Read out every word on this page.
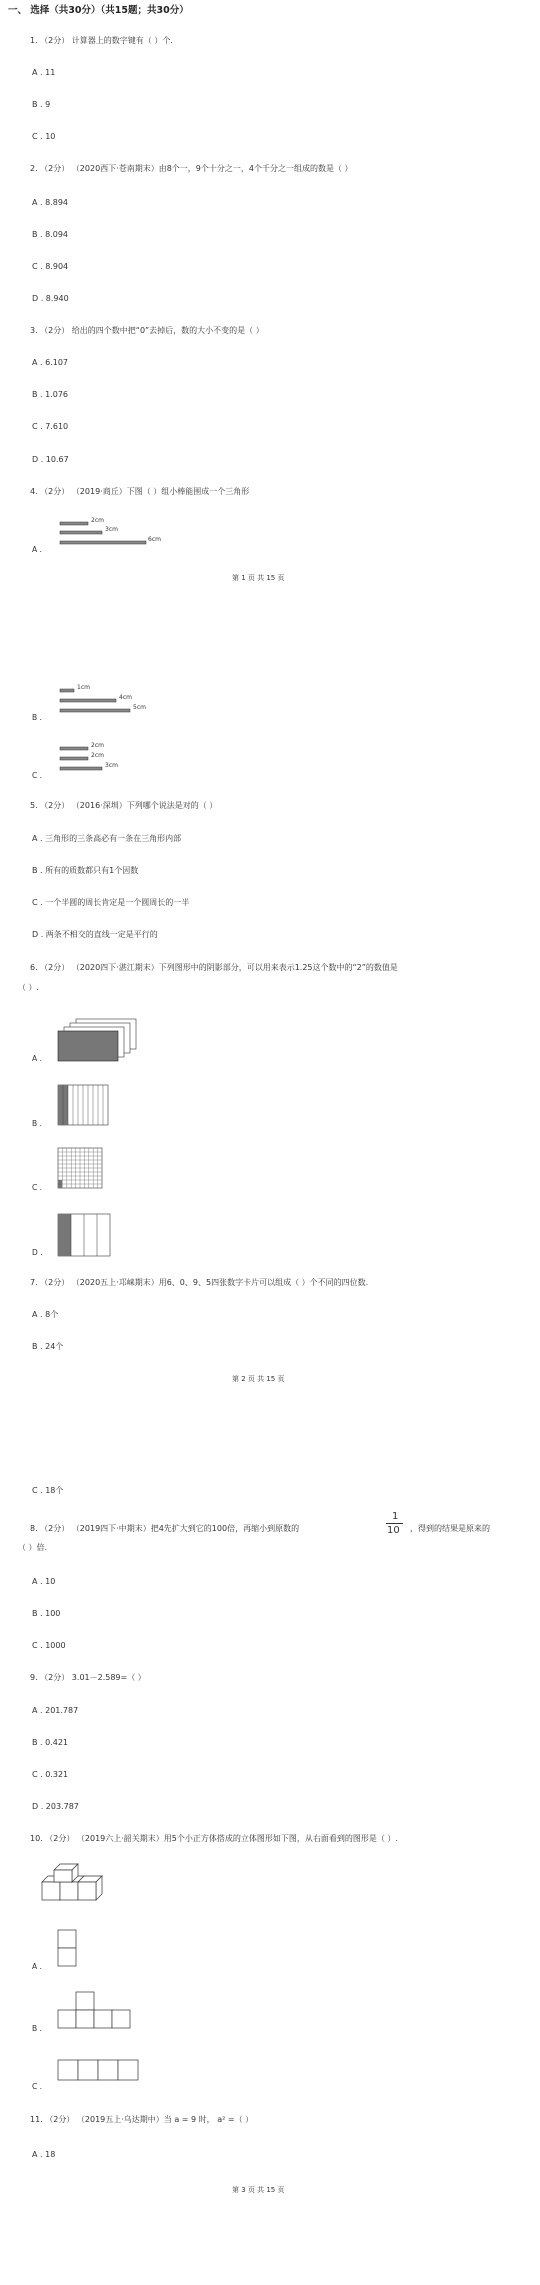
一、 选择（共30分）（共15题；共30分）
1. （2分） 计算器上的数字键有（ ）个.
A . 11
B . 9
C . 10
2. （2分） （2020西下·苍南期末）由8个一，9个十分之一，4个千分之一组成的数是（ ）
A . 8.894
B . 8.094
C . 8.904
D . 8.940
3. （2分） 给出的四个数中把“0”去掉后，数的大小不变的是（ ）
A . 6.107
B . 1.076
C . 7.610
D . 10.67
4. （2分） （2019·商丘）下图（ ）组小棒能围成一个三角形
A .
2cm
3cm
6cm
第 1 页 共 15 页
1cm
4cm
5cm
B .
2cm
2cm
3cm
C .
5. （2分） （2016·深圳）下列哪个说法是对的（ ）
A . 三角形的三条高必有一条在三角形内部
B . 所有的质数都只有1个因数
C . 一个半圆的周长肯定是一个圆周长的一半
D . 两条不相交的直线一定是平行的
6. （2分） （2020四下·湛江期末）下列图形中的阴影部分，可以用来表示1.25这个数中的“2”的数值是
（ ）.
A .
B .
C .
D .
7. （2分） （2020五上·邛崃期末）用6、0、9、5四张数字卡片可以组成（ ）个不同的四位数.
A . 8个
B . 24个
第 2 页 共 15 页
C . 18个
8. （2分） （2019四下·中期末）把4先扩大到它的100倍，再缩小到原数的
1
10 ，得到的结果是原来的
（ ）倍.
A . 10
B . 100
C . 1000
9. （2分） 3.01－2.589=（ ）
A . 201.787
B . 0.421
C . 0.321
D . 203.787
10. （2分） （2019六上·韶关期末）用5个小正方体搭成的立体图形如下图，从右面看到的图形是（ ）.
A .
B .
C .
11. （2分） （2019五上·乌达期中）当 a = 9 时， a² =（ ）
A . 18
第 3 页 共 15 页
